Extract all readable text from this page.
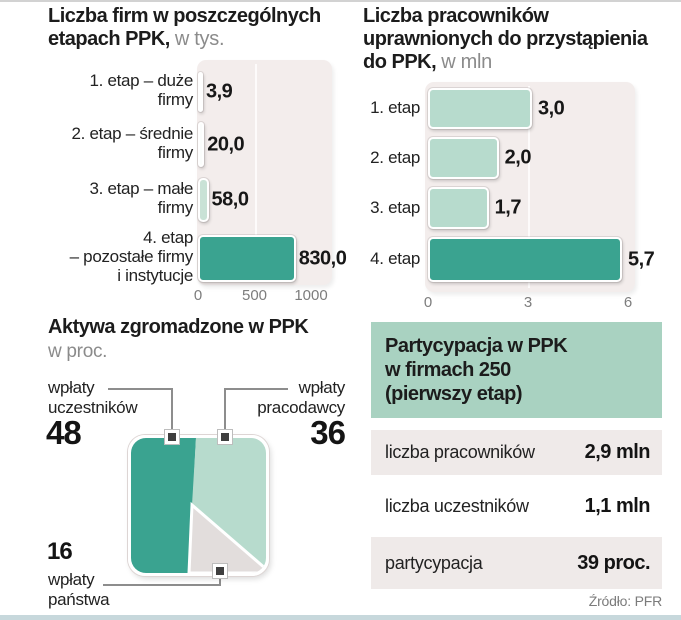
Liczba firm w poszczególnych
etapach PPK, w tys.
1. etap – duże
firmy
2. etap – średnie
firmy
3. etap – małe
firmy
4. etap
– pozostałe firmy
i instytucje
3,9
20,0
58,0
830,0
0	500 1000
Liczba pracowników
uprawnionych do przystąpienia
do PPK, w mln
1. etap
2. etap
3. etap
4. etap
3,0
2,0
1,7
5,7
0	3	6
Aktywa zgromadzone w PPK
w proc.
wpłaty
uczestników
48
wpłaty
pracodawcy
36
16
wpłaty
państwa
Partycypacja w PPK
w firmach 250
(pierwszy etap)
liczba pracowników	2,9 mln
liczba uczestników	1,1 mln
partycypacja	39 proc.
Źródło: PFR
